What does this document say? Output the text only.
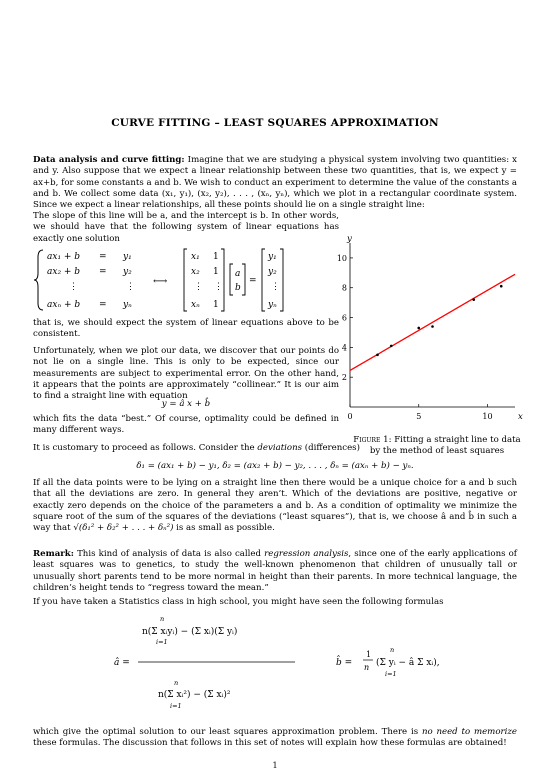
CURVE FITTING – LEAST SQUARES APPROXIMATION
Data analysis and curve fitting: Imagine that we are studying a physical system involving two quantities: x and y. Also suppose that we expect a linear relationship between these two quantities, that is, we expect y = ax+b, for some constants a and b. We wish to conduct an experiment to determine the value of the constants a and b. We collect some data (x₁, y₁), (x₂, y₂), . . . , (xₙ, yₙ), which we plot in a rectangular coordinate system. Since we expect a linear relationships, all these points should lie on a single straight line:
The slope of this line will be a, and the intercept is b. In other words, we should have that the following system of linear equations has exactly one solution
ax₁ + b = y₁
ax₂ + b = y₂
⋮	⋮
axₙ + b = yₙ
⟷
x₁ 1
x₂ 1
⋮ ⋮
xₙ 1
a
b
=
y₁
y₂
⋮
yₙ
that is, we should expect the system of linear equations above to be consistent.
Unfortunately, when we plot our data, we discover that our points do not lie on a single line. This is only to be expected, since our measurements are subject to experimental error. On the other hand, it appears that the points are approximately “collinear.” It is our aim to find a straight line with equation
y = â x + b̂
which fits the data “best.” Of course, optimality could be defined in many different ways.
x
y
0	5	10
2
4
6
8
10
Figure 1: Fitting a straight line to data by the method of least squares
It is customary to proceed as follows. Consider the deviations (differences)
δ₁ = (ax₁ + b) − y₁, δ₂ = (ax₂ + b) − y₂, . . . , δₙ = (axₙ + b) − yₙ.
If all the data points were to be lying on a straight line then there would be a unique choice for a and b such that all the deviations are zero. In general they aren’t. Which of the deviations are positive, negative or exactly zero depends on the choice of the parameters a and b. As a condition of optimality we minimize the square root of the sum of the squares of the deviations (“least squares”), that is, we choose â and b̂ in such a way that √(δ₁² + δ₂² + . . . + δₙ²) is as small as possible.
Remark: This kind of analysis of data is also called regression analysis, since one of the early applications of least squares was to genetics, to study the well-known phenomenon that children of unusually tall or unusually short parents tend to be more normal in height than their parents. In more technical language, the children’s height tends to “regress toward the mean.”
If you have taken a Statistics class in high school, you might have seen the following formulas
â =
n(Σ xᵢyᵢ) − (Σ xᵢ)(Σ yᵢ)
n(Σ xᵢ²) − (Σ xᵢ)²
n
i=1
n
i=1
b̂ =
1
n (Σ yᵢ − â Σ xᵢ),
n
i=1
which give the optimal solution to our least squares approximation problem. There is no need to memorize these formulas. The discussion that follows in this set of notes will explain how these formulas are obtained!
1
